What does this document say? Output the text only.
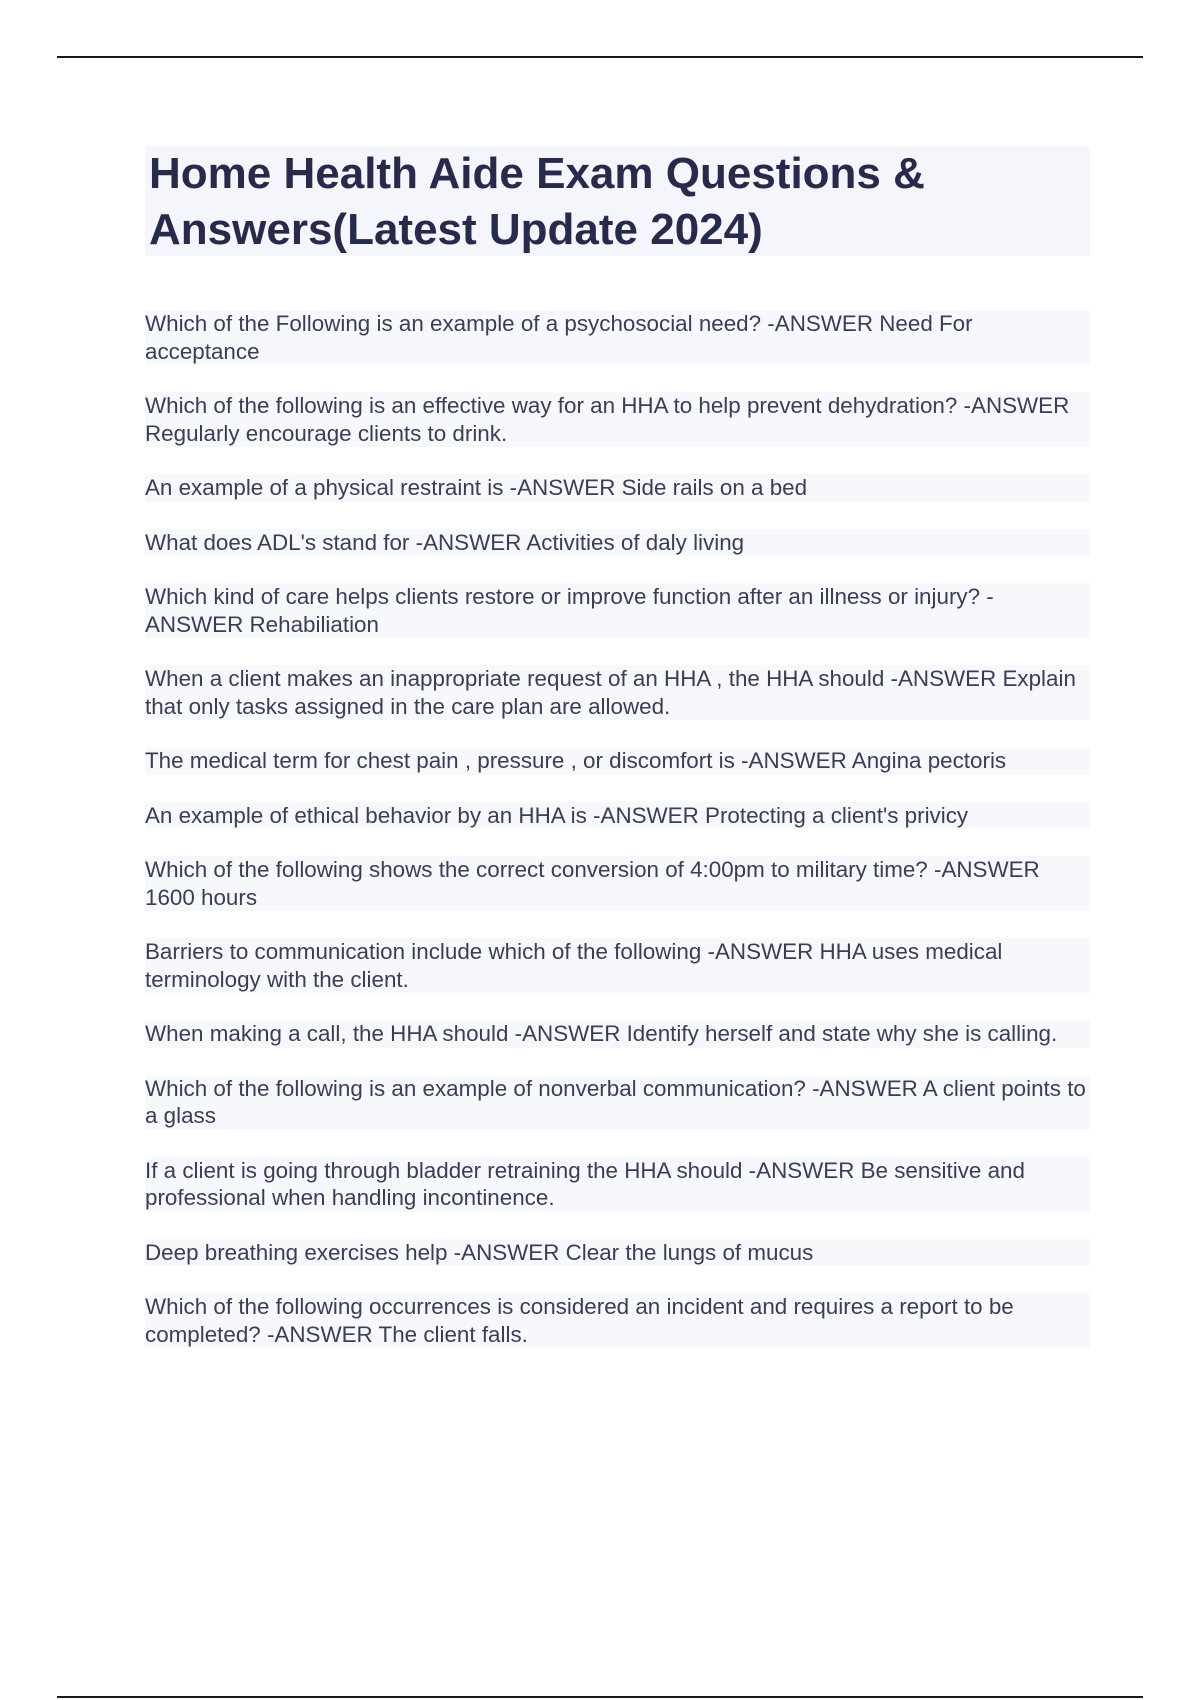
Home Health Aide Exam Questions & Answers(Latest Update 2024)

Which of the Following is an example of a psychosocial need? -ANSWER Need For acceptance

Which of the following is an effective way for an HHA to help prevent dehydration? -ANSWER Regularly encourage clients to drink.

An example of a physical restraint is -ANSWER Side rails on a bed

What does ADL's stand for -ANSWER Activities of daly living

Which kind of care helps clients restore or improve function after an illness or injury? -ANSWER Rehabiliation

When a client makes an inappropriate request of an HHA , the HHA should -ANSWER Explain that only tasks assigned in the care plan are allowed.

The medical term for chest pain , pressure , or discomfort is -ANSWER Angina pectoris

An example of ethical behavior by an HHA is -ANSWER Protecting a client's privicy

Which of the following shows the correct conversion of 4:00pm to military time? -ANSWER 1600 hours

Barriers to communication include which of the following -ANSWER HHA uses medical terminology with the client.

When making a call, the HHA should -ANSWER Identify herself and state why she is calling.

Which of the following is an example of nonverbal communication? -ANSWER A client points to a glass

If a client is going through bladder retraining the HHA should -ANSWER Be sensitive and professional when handling incontinence.

Deep breathing exercises help -ANSWER Clear the lungs of mucus

Which of the following occurrences is considered an incident and requires a report to be completed? -ANSWER The client falls.
